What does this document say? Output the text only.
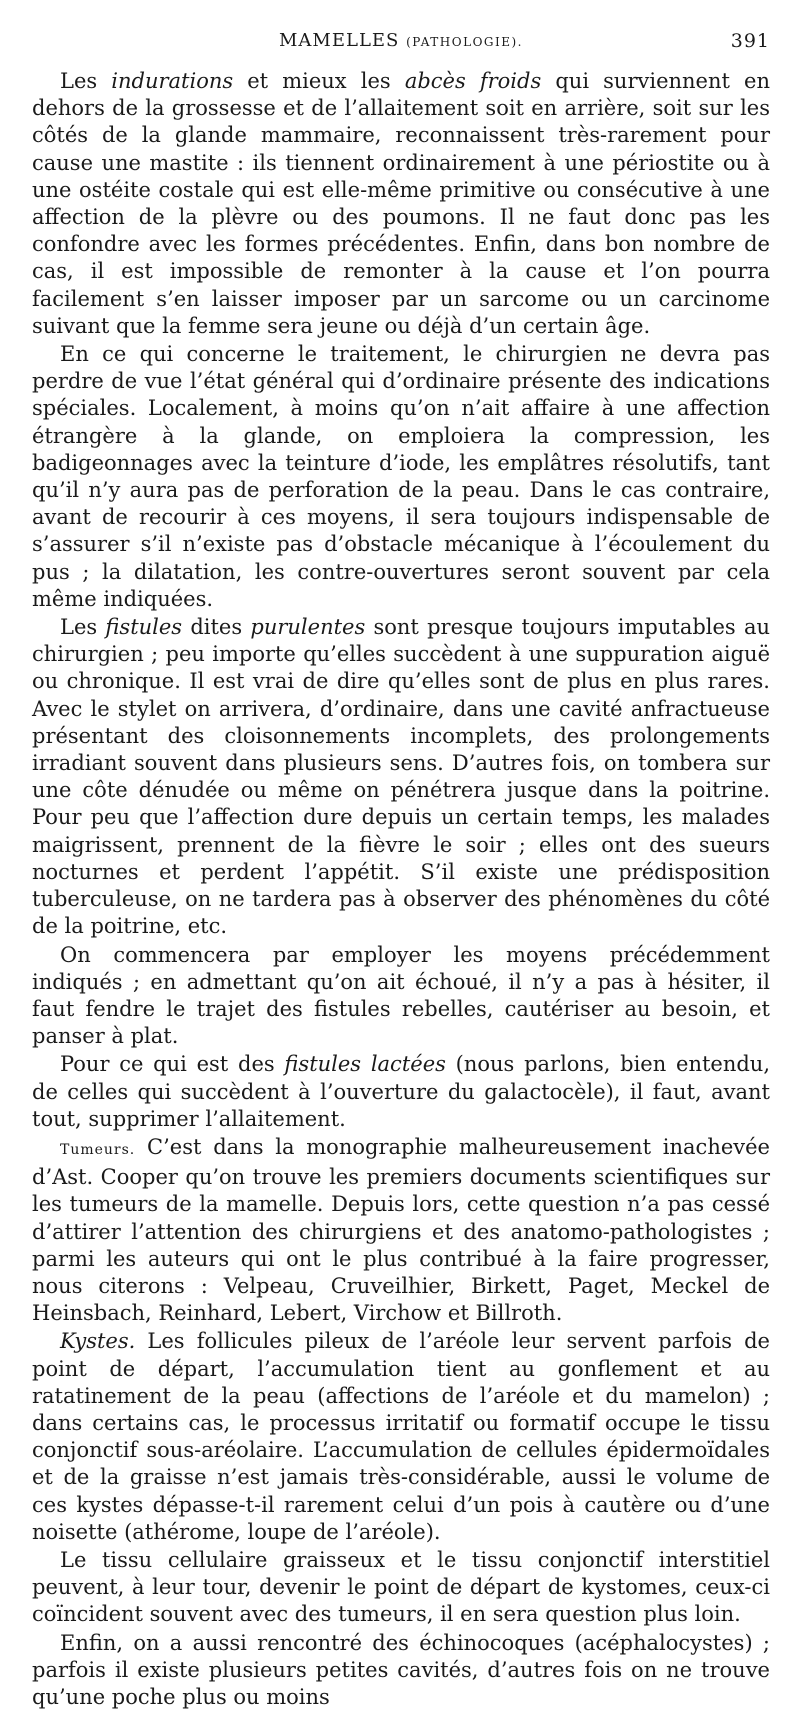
MAMELLES (PATHOLOGIE).	391

Les indurations et mieux les abcès froids qui surviennent en dehors de la grossesse et de l’allaitement soit en arrière, soit sur les côtés de la glande mammaire, reconnaissent très-rarement pour cause une mastite : ils tiennent ordinairement à une périostite ou à une ostéite costale qui est elle-même primitive ou consécutive à une affection de la plèvre ou des poumons. Il ne faut donc pas les confondre avec les formes précédentes. Enfin, dans bon nombre de cas, il est impossible de remonter à la cause et l’on pourra facilement s’en laisser imposer par un sarcome ou un carcinome suivant que la femme sera jeune ou déjà d’un certain âge.

En ce qui concerne le traitement, le chirurgien ne devra pas perdre de vue l’état général qui d’ordinaire présente des indications spéciales. Localement, à moins qu’on n’ait affaire à une affection étrangère à la glande, on emploiera la compression, les badigeonnages avec la teinture d’iode, les emplâtres résolutifs, tant qu’il n’y aura pas de perforation de la peau. Dans le cas contraire, avant de recourir à ces moyens, il sera toujours indispensable de s’assurer s’il n’existe pas d’obstacle mécanique à l’écoulement du pus ; la dilatation, les contre-ouvertures seront souvent par cela même indiquées.

Les fistules dites purulentes sont presque toujours imputables au chirurgien ; peu importe qu’elles succèdent à une suppuration aiguë ou chronique. Il est vrai de dire qu’elles sont de plus en plus rares. Avec le stylet on arrivera, d’ordinaire, dans une cavité anfractueuse présentant des cloisonnements incomplets, des prolongements irradiant souvent dans plusieurs sens. D’autres fois, on tombera sur une côte dénudée ou même on pénétrera jusque dans la poitrine. Pour peu que l’affection dure depuis un certain temps, les malades maigrissent, prennent de la fièvre le soir ; elles ont des sueurs nocturnes et perdent l’appétit. S’il existe une prédisposition tuberculeuse, on ne tardera pas à observer des phénomènes du côté de la poitrine, etc.

On commencera par employer les moyens précédemment indiqués ; en admettant qu’on ait échoué, il n’y a pas à hésiter, il faut fendre le trajet des fistules rebelles, cautériser au besoin, et panser à plat.

Pour ce qui est des fistules lactées (nous parlons, bien entendu, de celles qui succèdent à l’ouverture du galactocèle), il faut, avant tout, supprimer l’allaitement.

Tumeurs. C’est dans la monographie malheureusement inachevée d’Ast. Cooper qu’on trouve les premiers documents scientifiques sur les tumeurs de la mamelle. Depuis lors, cette question n’a pas cessé d’attirer l’attention des chirurgiens et des anatomo-pathologistes ; parmi les auteurs qui ont le plus contribué à la faire progresser, nous citerons : Velpeau, Cruveilhier, Birkett, Paget, Meckel de Heinsbach, Reinhard, Lebert, Virchow et Billroth.

Kystes. Les follicules pileux de l’aréole leur servent parfois de point de départ, l’accumulation tient au gonflement et au ratatinement de la peau (affections de l’aréole et du mamelon) ; dans certains cas, le processus irritatif ou formatif occupe le tissu conjonctif sous-aréolaire. L’accumulation de cellules épidermoïdales et de la graisse n’est jamais très-considérable, aussi le volume de ces kystes dépasse-t-il rarement celui d’un pois à cautère ou d’une noisette (athérome, loupe de l’aréole).

Le tissu cellulaire graisseux et le tissu conjonctif interstitiel peuvent, à leur tour, devenir le point de départ de kystomes, ceux-ci coïncident souvent avec des tumeurs, il en sera question plus loin.

Enfin, on a aussi rencontré des échinocoques (acéphalocystes) ; parfois il existe plusieurs petites cavités, d’autres fois on ne trouve qu’une poche plus ou moins
